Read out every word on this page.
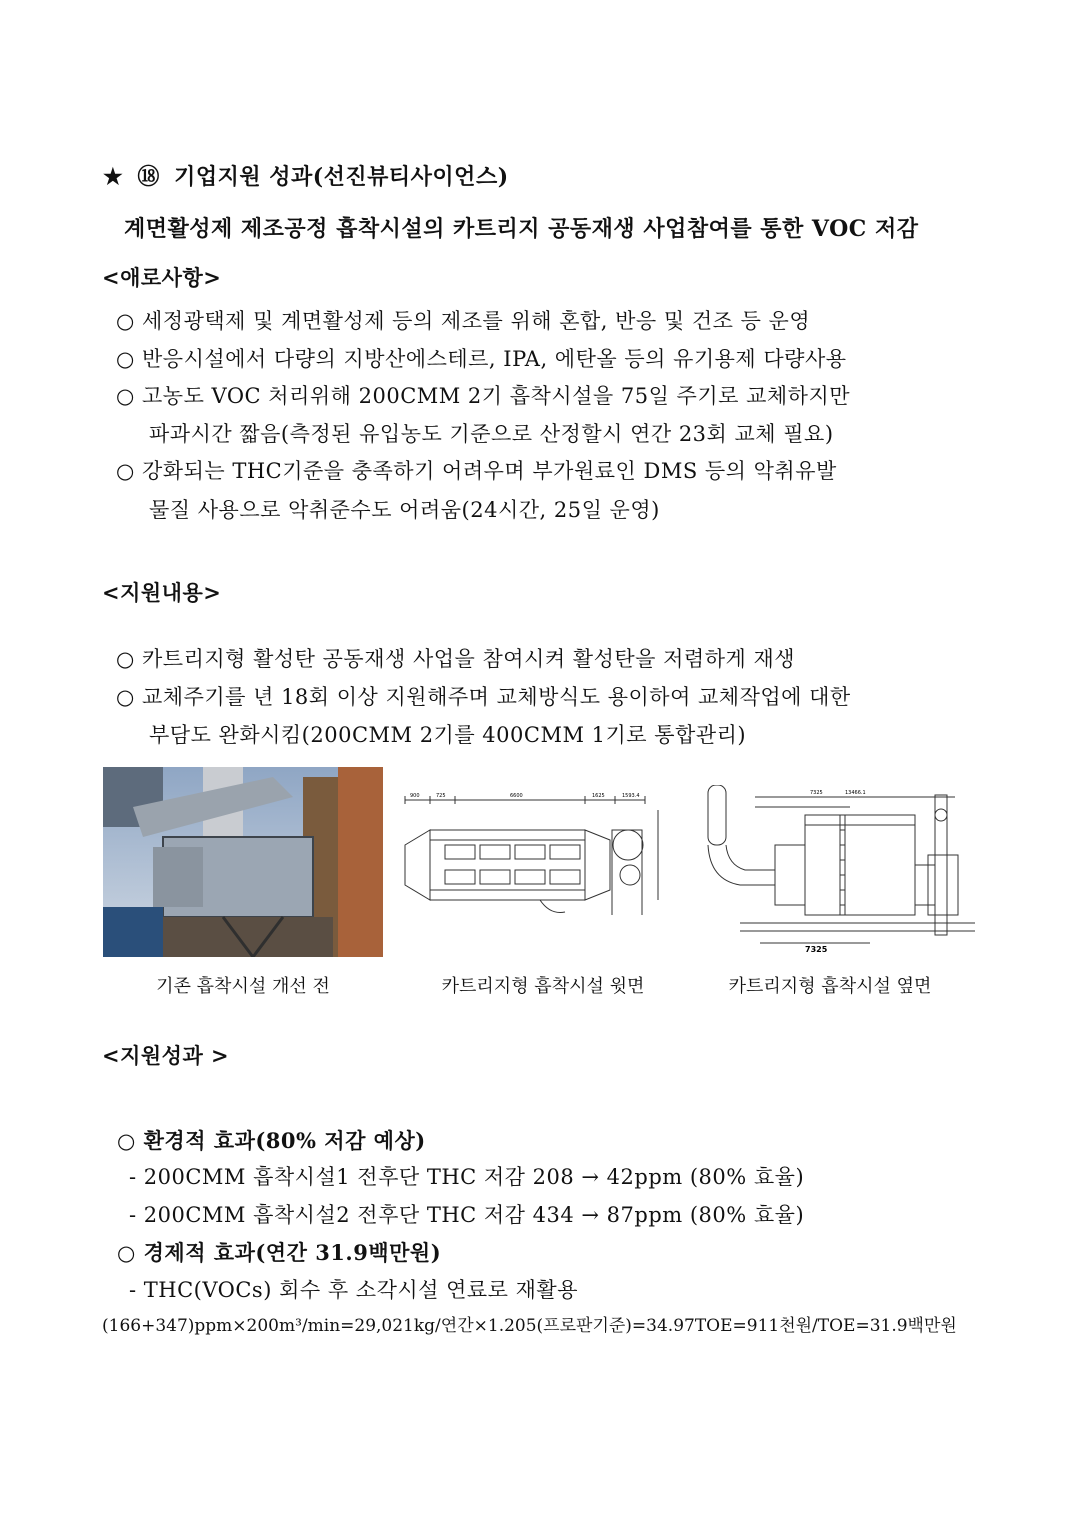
★ ⑱ 기업지원 성과(선진뷰티사이언스)
계면활성제 제조공정 흡착시설의 카트리지 공동재생 사업참여를 통한 VOC 저감
<애로사항>
○ 세정광택제 및 계면활성제 등의 제조를 위해 혼합, 반응 및 건조 등 운영
○ 반응시설에서 다량의 지방산에스테르, IPA, 에탄올 등의 유기용제 다량사용
○ 고농도 VOC 처리위해 200CMM 2기 흡착시설을 75일 주기로 교체하지만
파과시간 짧음(측정된 유입농도 기준으로 산정할시 연간 23회 교체 필요)
○ 강화되는 THC기준을 충족하기 어려우며 부가원료인 DMS 등의 악취유발
물질 사용으로 악취준수도 어려움(24시간, 25일 운영)
<지원내용>
○ 카트리지형 활성탄 공동재생 사업을 참여시켜 활성탄을 저렴하게 재생
○ 교체주기를 년 18회 이상 지원해주며 교체방식도 용이하여 교체작업에 대한
부담도 완화시킴(200CMM 2기를 400CMM 1기로 통합관리)
900	725	6600	1625	1593.4	7325	13466.1
7325
기존 흡착시설 개선 전	카트리지형 흡착시설 윗면	카트리지형 흡착시설 옆면
<지원성과 >
○ 환경적 효과(80% 저감 예상)
- 200CMM 흡착시설1 전후단 THC 저감 208 → 42ppm (80% 효율)
- 200CMM 흡착시설2 전후단 THC 저감 434 → 87ppm (80% 효율)
○ 경제적 효과(연간 31.9백만원)
- THC(VOCs) 회수 후 소각시설 연료로 재활용
(166+347)ppm×200m³/min=29,021kg/연간×1.205(프로판기준)=34.97TOE=911천원/TOE=31.9백만원
